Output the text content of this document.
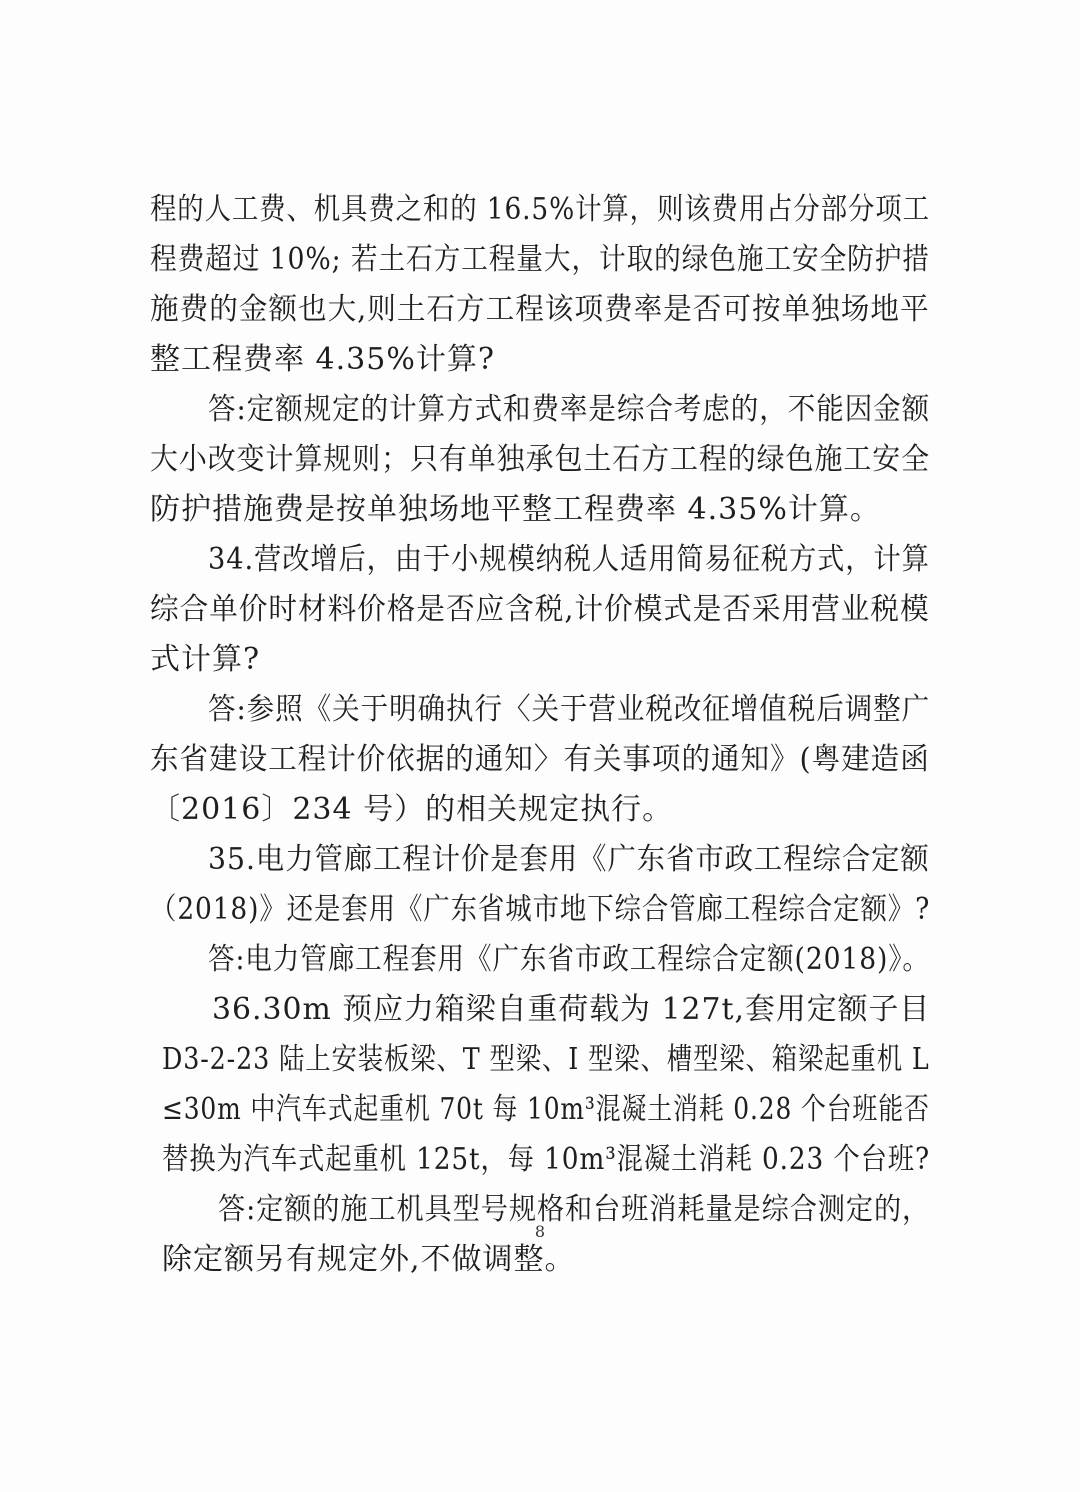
程的人工费、机具费之和的 16.5%计算，则该费用占分部分项工
程费超过 10%; 若土石方工程量大，计取的绿色施工安全防护措
施费的金额也大,则土石方工程该项费率是否可按单独场地平
整工程费率 4.35%计算?
答:定额规定的计算方式和费率是综合考虑的，不能因金额
大小改变计算规则；只有单独承包土石方工程的绿色施工安全
防护措施费是按单独场地平整工程费率 4.35%计算。
34.营改增后，由于小规模纳税人适用简易征税方式，计算
综合单价时材料价格是否应含税,计价模式是否采用营业税模
式计算?
答:参照《关于明确执行〈关于营业税改征增值税后调整广
东省建设工程计价依据的通知〉有关事项的通知》(粤建造函
〔2016〕234 号）的相关规定执行。
35.电力管廊工程计价是套用《广东省市政工程综合定额
（2018)》还是套用《广东省城市地下综合管廊工程综合定额》?
答:电力管廊工程套用《广东省市政工程综合定额(2018)》。
36.30m 预应力箱梁自重荷载为 127t,套用定额子目
D3-2-23 陆上安装板梁、T 型梁、I 型梁、槽型梁、箱梁起重机 L
≤30m 中汽车式起重机 70t 每 10m³混凝土消耗 0.28 个台班能否
替换为汽车式起重机 125t，每 10m³混凝土消耗 0.23 个台班?
答:定额的施工机具型号规格和台班消耗量是综合测定的，
除定额另有规定外,不做调整。
8
